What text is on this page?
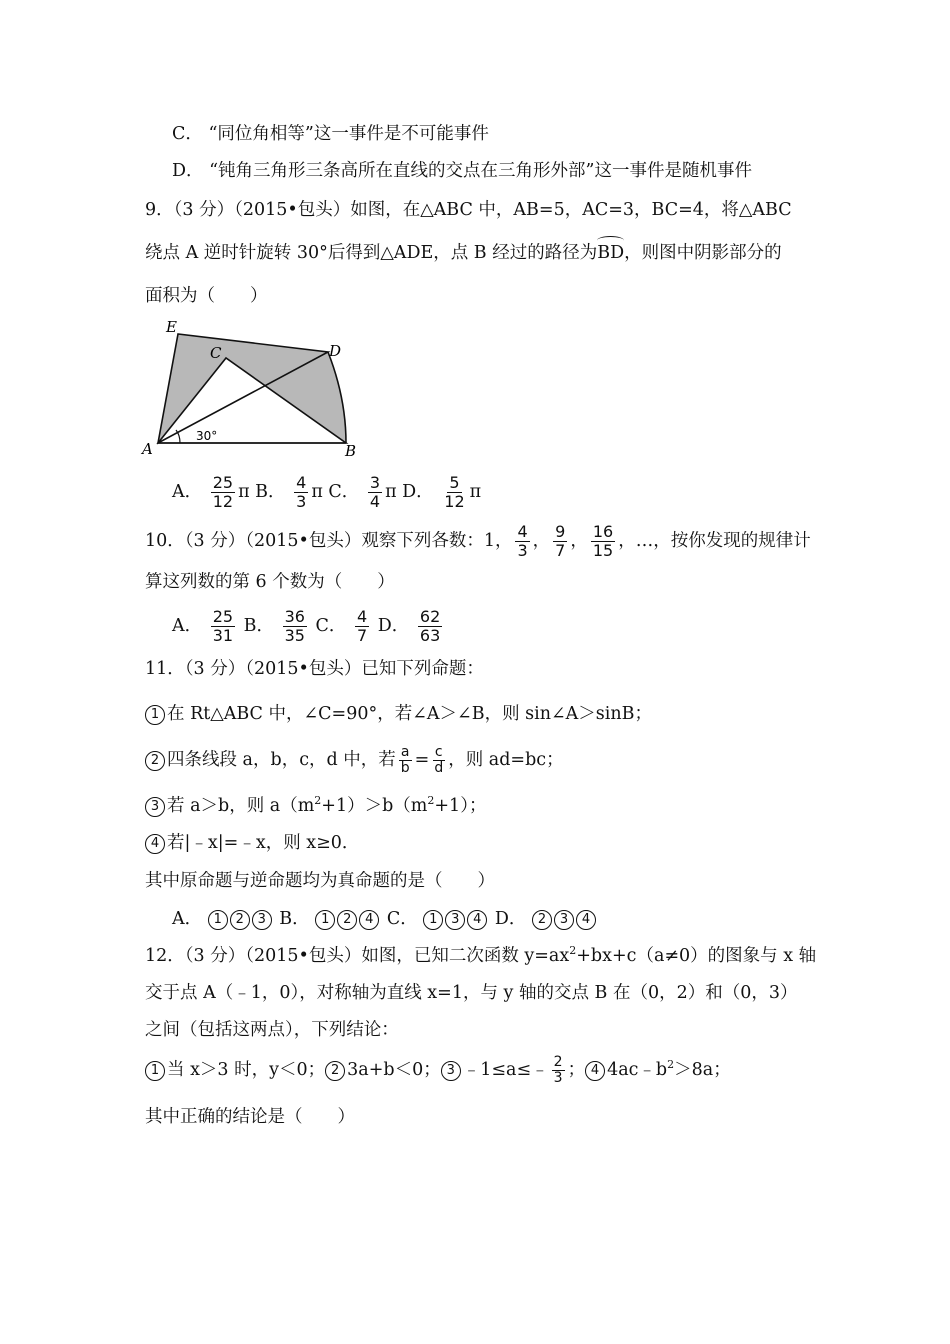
C． “同位角相等”这一事件是不可能事件
D． “钝角三角形三条高所在直线的交点在三角形外部”这一事件是随机事件
9．（3 分）（2015•包头）如图，在△ABC 中，AB=5，AC=3，BC=4，将△ABC
绕点 A 逆时针旋转 30°后得到△ADE，点 B 经过的路径为BD，则图中阴影部分的
面积为（　　）
E
C	D
A	B
30°
A． $\frac{25}{12}$ π B． $\frac{4}{3}$ π C． $\frac{3}{4}$ π D． $\frac{5}{12}$ π
10．（3 分）（2015•包头）观察下列各数：1， $\frac{4}{3}$ ， $\frac{9}{7}$ ， $\frac{16}{15}$ ，…，按你发现的规律计
算这列数的第 6 个数为（　　）
A． $\frac{25}{31}$ B． $\frac{36}{35}$ C． $\frac{4}{7}$ D． $\frac{62}{63}$
11．（3 分）（2015•包头）已知下列命题：
1 在 Rt△ABC 中，∠C=90°，若∠A＞∠B，则 sin∠A＞sinB；
2 四条线段 a，b，c，d 中，若 $\frac{a}{b} = \frac{c}{d}$ ，则 ad=bc；
3 若 a＞b，则 $a(m^2+1)>b(m^2+1)$；
4 若|﹣x|=﹣x，则 x≥0．
其中原命题与逆命题均为真命题的是（　　）
A． 1 2 3 B． 1 2 4 C． 1 3 4 D． 2 3 4
12．（3 分）（2015•包头）如图，已知二次函数 $y=ax^2+bx+c(a\ne 0)$的图象与 x 轴
交于点 A（﹣1，0），对称轴为直线 x=1，与 y 轴的交点 B 在（0，2）和（0，3）
之间（包括这两点），下列结论：
1 当 x＞3 时，y＜0； 2 3a+b＜0； 3 ﹣1≤a≤﹣ $\frac{2}{3}$ ； 4 $4ac﹣b^2>8a$；
其中正确的结论是（　　）
